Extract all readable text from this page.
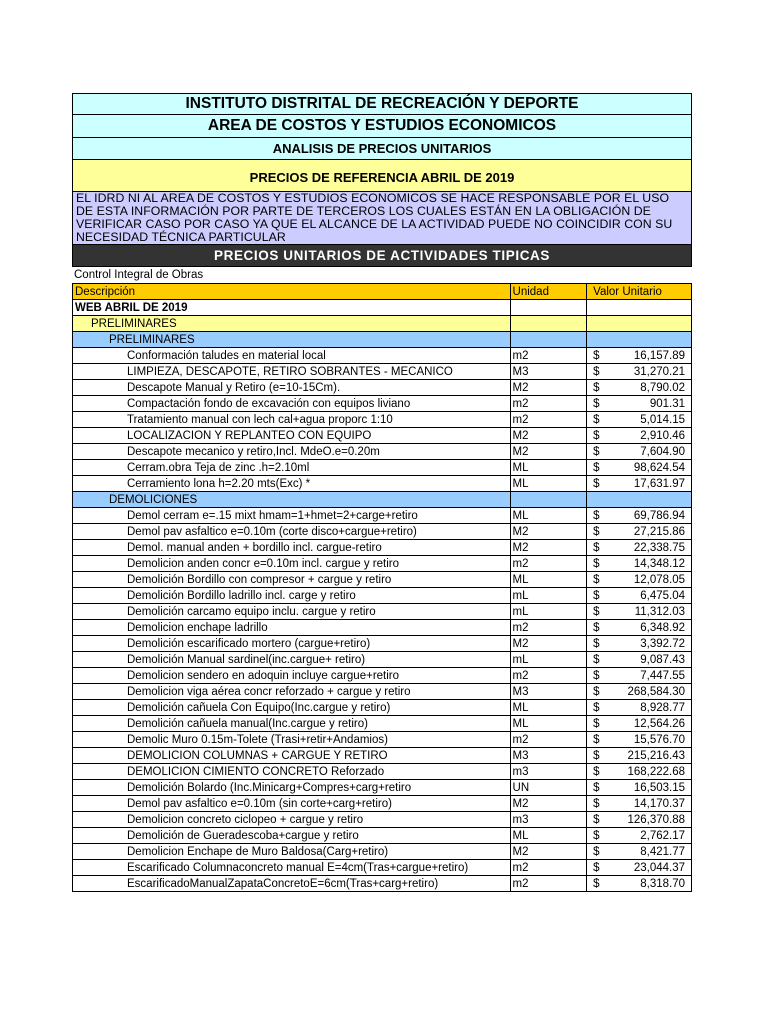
INSTITUTO DISTRITAL DE RECREACIÓN Y DEPORTE
AREA DE COSTOS Y ESTUDIOS ECONOMICOS
ANALISIS DE PRECIOS UNITARIOS
PRECIOS DE REFERENCIA ABRIL DE 2019
EL IDRD NI AL AREA DE COSTOS Y ESTUDIOS ECONOMICOS SE HACE RESPONSABLE POR EL USO DE ESTA INFORMACIÓN POR PARTE DE TERCEROS LOS CUALES ESTÁN EN LA OBLIGACIÓN DE VERIFICAR CASO POR CASO YA QUE EL ALCANCE DE LA ACTIVIDAD PUEDE NO COINCIDIR CON SU NECESIDAD TÉCNICA PARTICULAR
PRECIOS UNITARIOS DE ACTIVIDADES TIPICAS
Control Integral de Obras
Descripción	Unidad	Valor Unitario
WEB ABRIL DE 2019		
PRELIMINARES		
PRELIMINARES		
Conformación taludes en material local	m2	$ 16,157.89

LIMPIEZA, DESCAPOTE, RETIRO SOBRANTES - MECANICO	M3	$ 31,270.21

Descapote Manual y Retiro (e=10-15Cm).	M2	$ 8,790.02

Compactación fondo de excavación con equipos liviano	m2	$ 901.31

Tratamiento manual con lech cal+agua proporc 1:10	m2	$ 5,014.15

LOCALIZACION Y REPLANTEO CON EQUIPO	M2	$ 2,910.46

Descapote mecanico y retiro,Incl. MdeO.e=0.20m	M2	$ 7,604.90

Cerram.obra Teja de zinc .h=2.10ml	ML	$ 98,624.54

Cerramiento lona h=2.20 mts(Exc) *	ML	$ 17,631.97

DEMOLICIONES		
Demol cerram e=.15 mixt hmam=1+hmet=2+carge+retiro	ML	$ 69,786.94

Demol pav asfaltico e=0.10m (corte disco+cargue+retiro)	M2	$ 27,215.86

Demol. manual anden + bordillo incl. cargue-retiro	M2	$ 22,338.75

Demolicion anden concr e=0.10m incl. cargue y retiro	m2	$ 14,348.12

Demolición Bordillo con compresor + cargue y retiro	ML	$ 12,078.05

Demolición Bordillo ladrillo incl. carge y retiro	mL	$ 6,475.04

Demolición carcamo equipo inclu. cargue y retiro	mL	$ 11,312.03

Demolicion enchape ladrillo	m2	$ 6,348.92

Demolición escarificado mortero (cargue+retiro)	M2	$ 3,392.72

Demolición Manual sardinel(inc.cargue+ retiro)	mL	$ 9,087.43

Demolicion sendero en adoquin incluye cargue+retiro	m2	$ 7,447.55

Demolicion viga aérea concr reforzado + cargue y retiro	M3	$ 268,584.30

Demolición cañuela Con Equipo(Inc.cargue y retiro)	ML	$ 8,928.77

Demolición cañuela manual(Inc.cargue y retiro)	ML	$ 12,564.26

Demolic Muro 0.15m-Tolete (Trasi+retir+Andamios)	m2	$ 15,576.70

DEMOLICION COLUMNAS + CARGUE Y RETIRO	M3	$ 215,216.43

DEMOLICION CIMIENTO CONCRETO Reforzado	m3	$ 168,222.68

Demolición Bolardo (Inc.Minicarg+Compres+carg+retiro	UN	$ 16,503.15

Demol pav asfaltico e=0.10m (sin corte+carg+retiro)	M2	$ 14,170.37

Demolicion concreto ciclopeo + cargue y retiro	m3	$ 126,370.88

Demolición de Gueradescoba+cargue y retiro	ML	$ 2,762.17

Demolicion Enchape de Muro Baldosa(Carg+retiro)	M2	$ 8,421.77

Escarificado Columnaconcreto manual E=4cm(Tras+cargue+retiro)	m2	$ 23,044.37

EscarificadoManualZapataConcretoE=6cm(Tras+carg+retiro)	m2	$ 8,318.70
